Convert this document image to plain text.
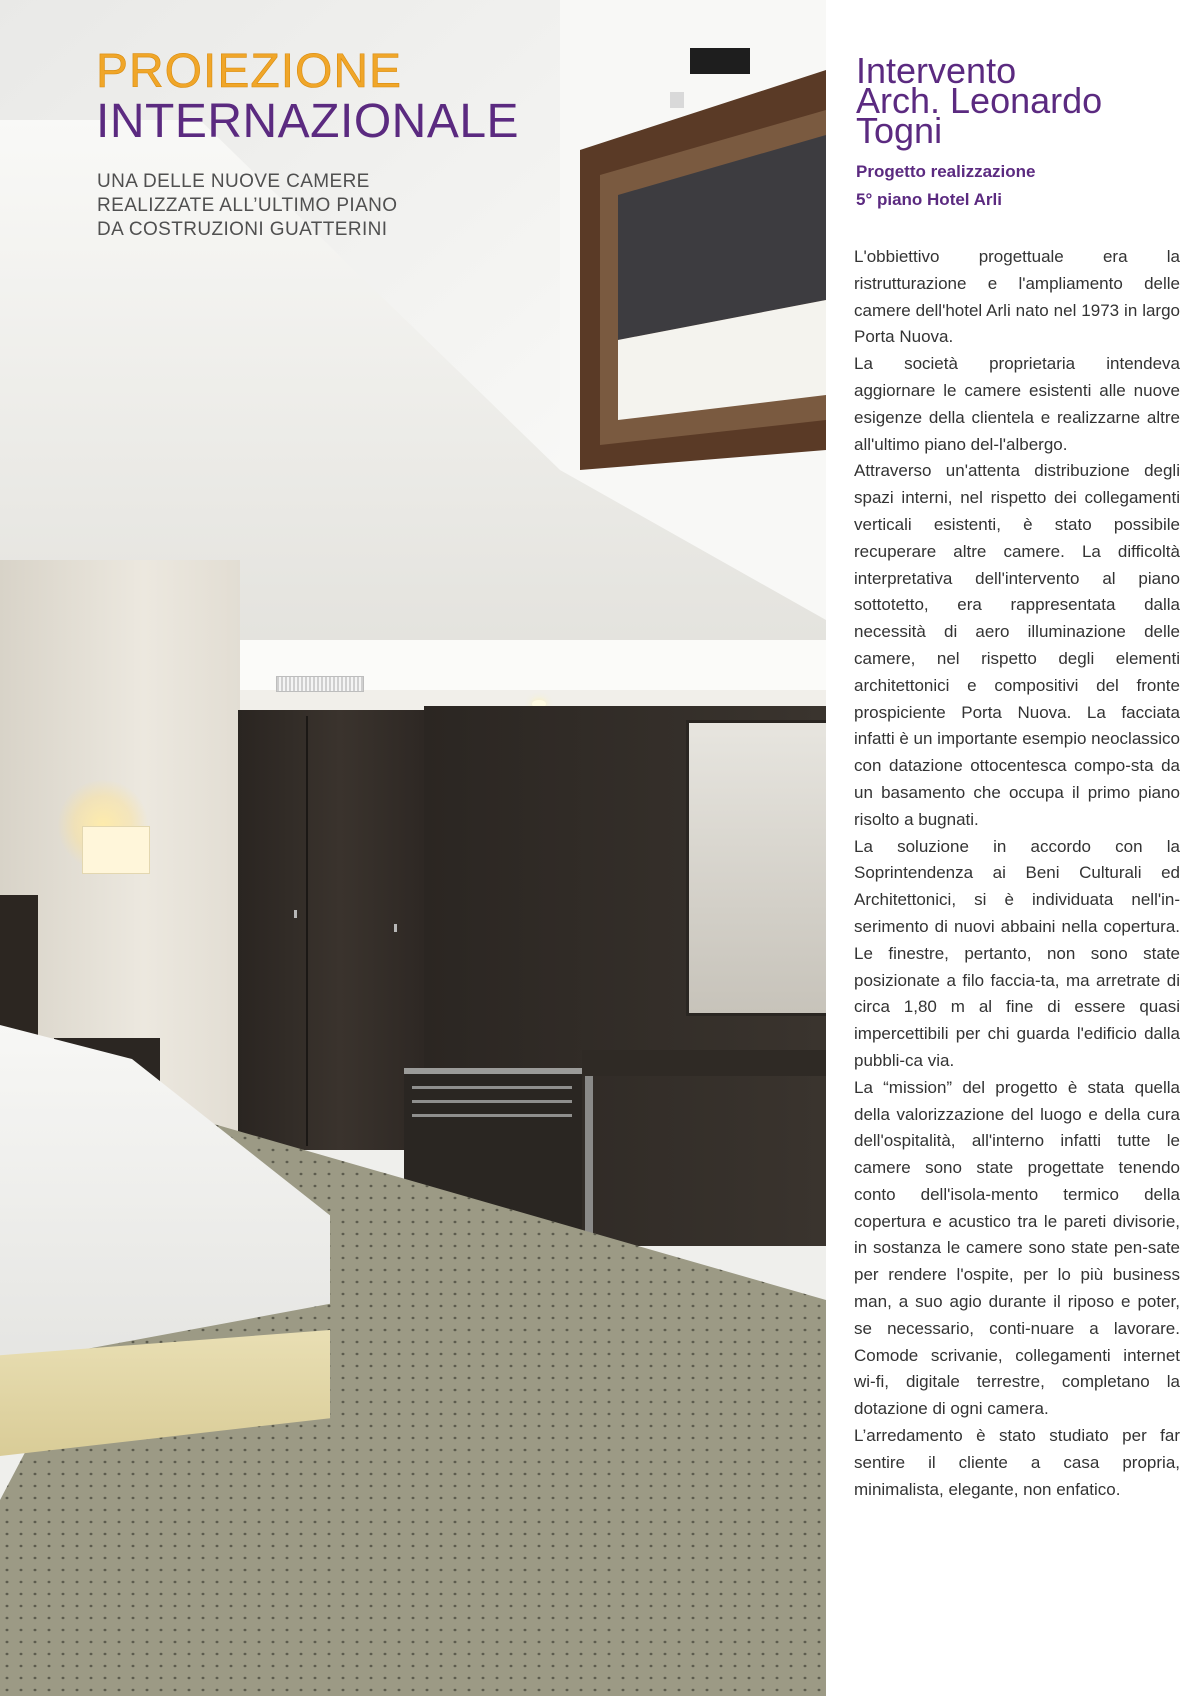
PROIEZIONE
INTERNAZIONALE
UNA DELLE NUOVE CAMERE
REALIZZATE ALL’ULTIMO PIANO
DA COSTRUZIONI GUATTERINI
Intervento
Arch. Leonardo
Togni
Progetto realizzazione
5° piano Hotel Arli

L'obbiettivo progettuale era la ristrutturazione e l'ampliamento delle camere dell'hotel Arli nato nel 1973 in largo Porta Nuova.

La società proprietaria intendeva aggiornare le camere esistenti alle nuove esigenze della clientela e realizzarne altre all'ultimo piano del-l'albergo.

Attraverso un'attenta distribuzione degli spazi interni, nel rispetto dei collegamenti verticali esistenti, è stato possibile recuperare altre camere. La difficoltà interpretativa dell'intervento al piano sottotetto, era rappresentata dalla necessità di aero illuminazione delle camere, nel rispetto degli elementi architettonici e compositivi del fronte prospiciente Porta Nuova. La facciata infatti è un importante esempio neoclassico con datazione ottocentesca compo-sta da un basamento che occupa il primo piano risolto a bugnati.

La soluzione in accordo con la Soprintendenza ai Beni Culturali ed Architettonici, si è individuata nell'in-serimento di nuovi abbaini nella copertura. Le finestre, pertanto, non sono state posizionate a filo faccia-ta, ma arretrate di circa 1,80 m al fine di essere quasi impercettibili per chi guarda l'edificio dalla pubbli-ca via.

La “mission” del progetto è stata quella della valorizzazione del luogo e della cura dell'ospitalità, all'interno infatti tutte le camere sono state progettate tenendo conto dell'isola-mento termico della copertura e acustico tra le pareti divisorie, in sostanza le camere sono state pen-sate per rendere l'ospite, per lo più business man, a suo agio durante il riposo e poter, se necessario, conti-nuare a lavorare. Comode scrivanie, collegamenti internet wi-fi, digitale terrestre, completano la dotazione di ogni camera.

L’arredamento è stato studiato per far sentire il cliente a casa propria, minimalista, elegante, non enfatico.
